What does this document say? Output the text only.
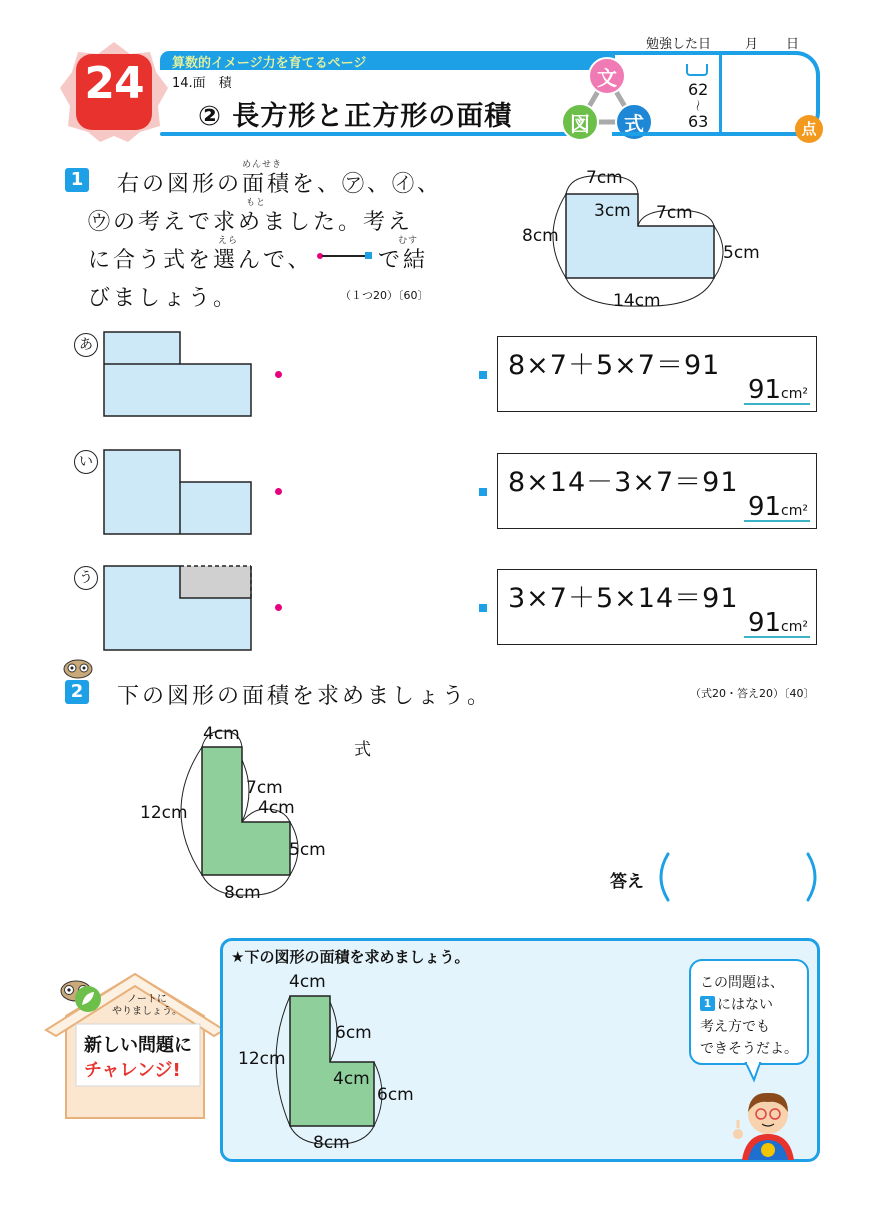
24	算数的イメージ力を育てるページ
14.面　積
② 長方形と正方形の面積
文
図	式
勉強した日	月 日
62
～
63	点
1
めんせき
右の図形の面積を、㋐、㋑、
もと
㋒の考えで求めました。考え
えら	むす
に合う式を選んで、	で結
びましょう。	（１つ20）〔60〕
7cm
3cm 7cm
8cm
5cm
14cm
あ
8×7＋5×7＝91
91cm²
い
8×14－3×7＝91
91cm²
う
3×7＋5×14＝91
91cm²
2 下の図形の面積を求めましょう。	（式20・答え20）〔40〕
4cm
12cm
7cm
4cm
5cm
8cm
式
答え
ノートに
やりましょう。
新しい問題に
チャレンジ!
★下の図形の面積を求めましょう。
4cm
12cm
6cm
4cm
6cm
8cm
この問題は、
1 にはない
考え方でも
できそうだよ。
